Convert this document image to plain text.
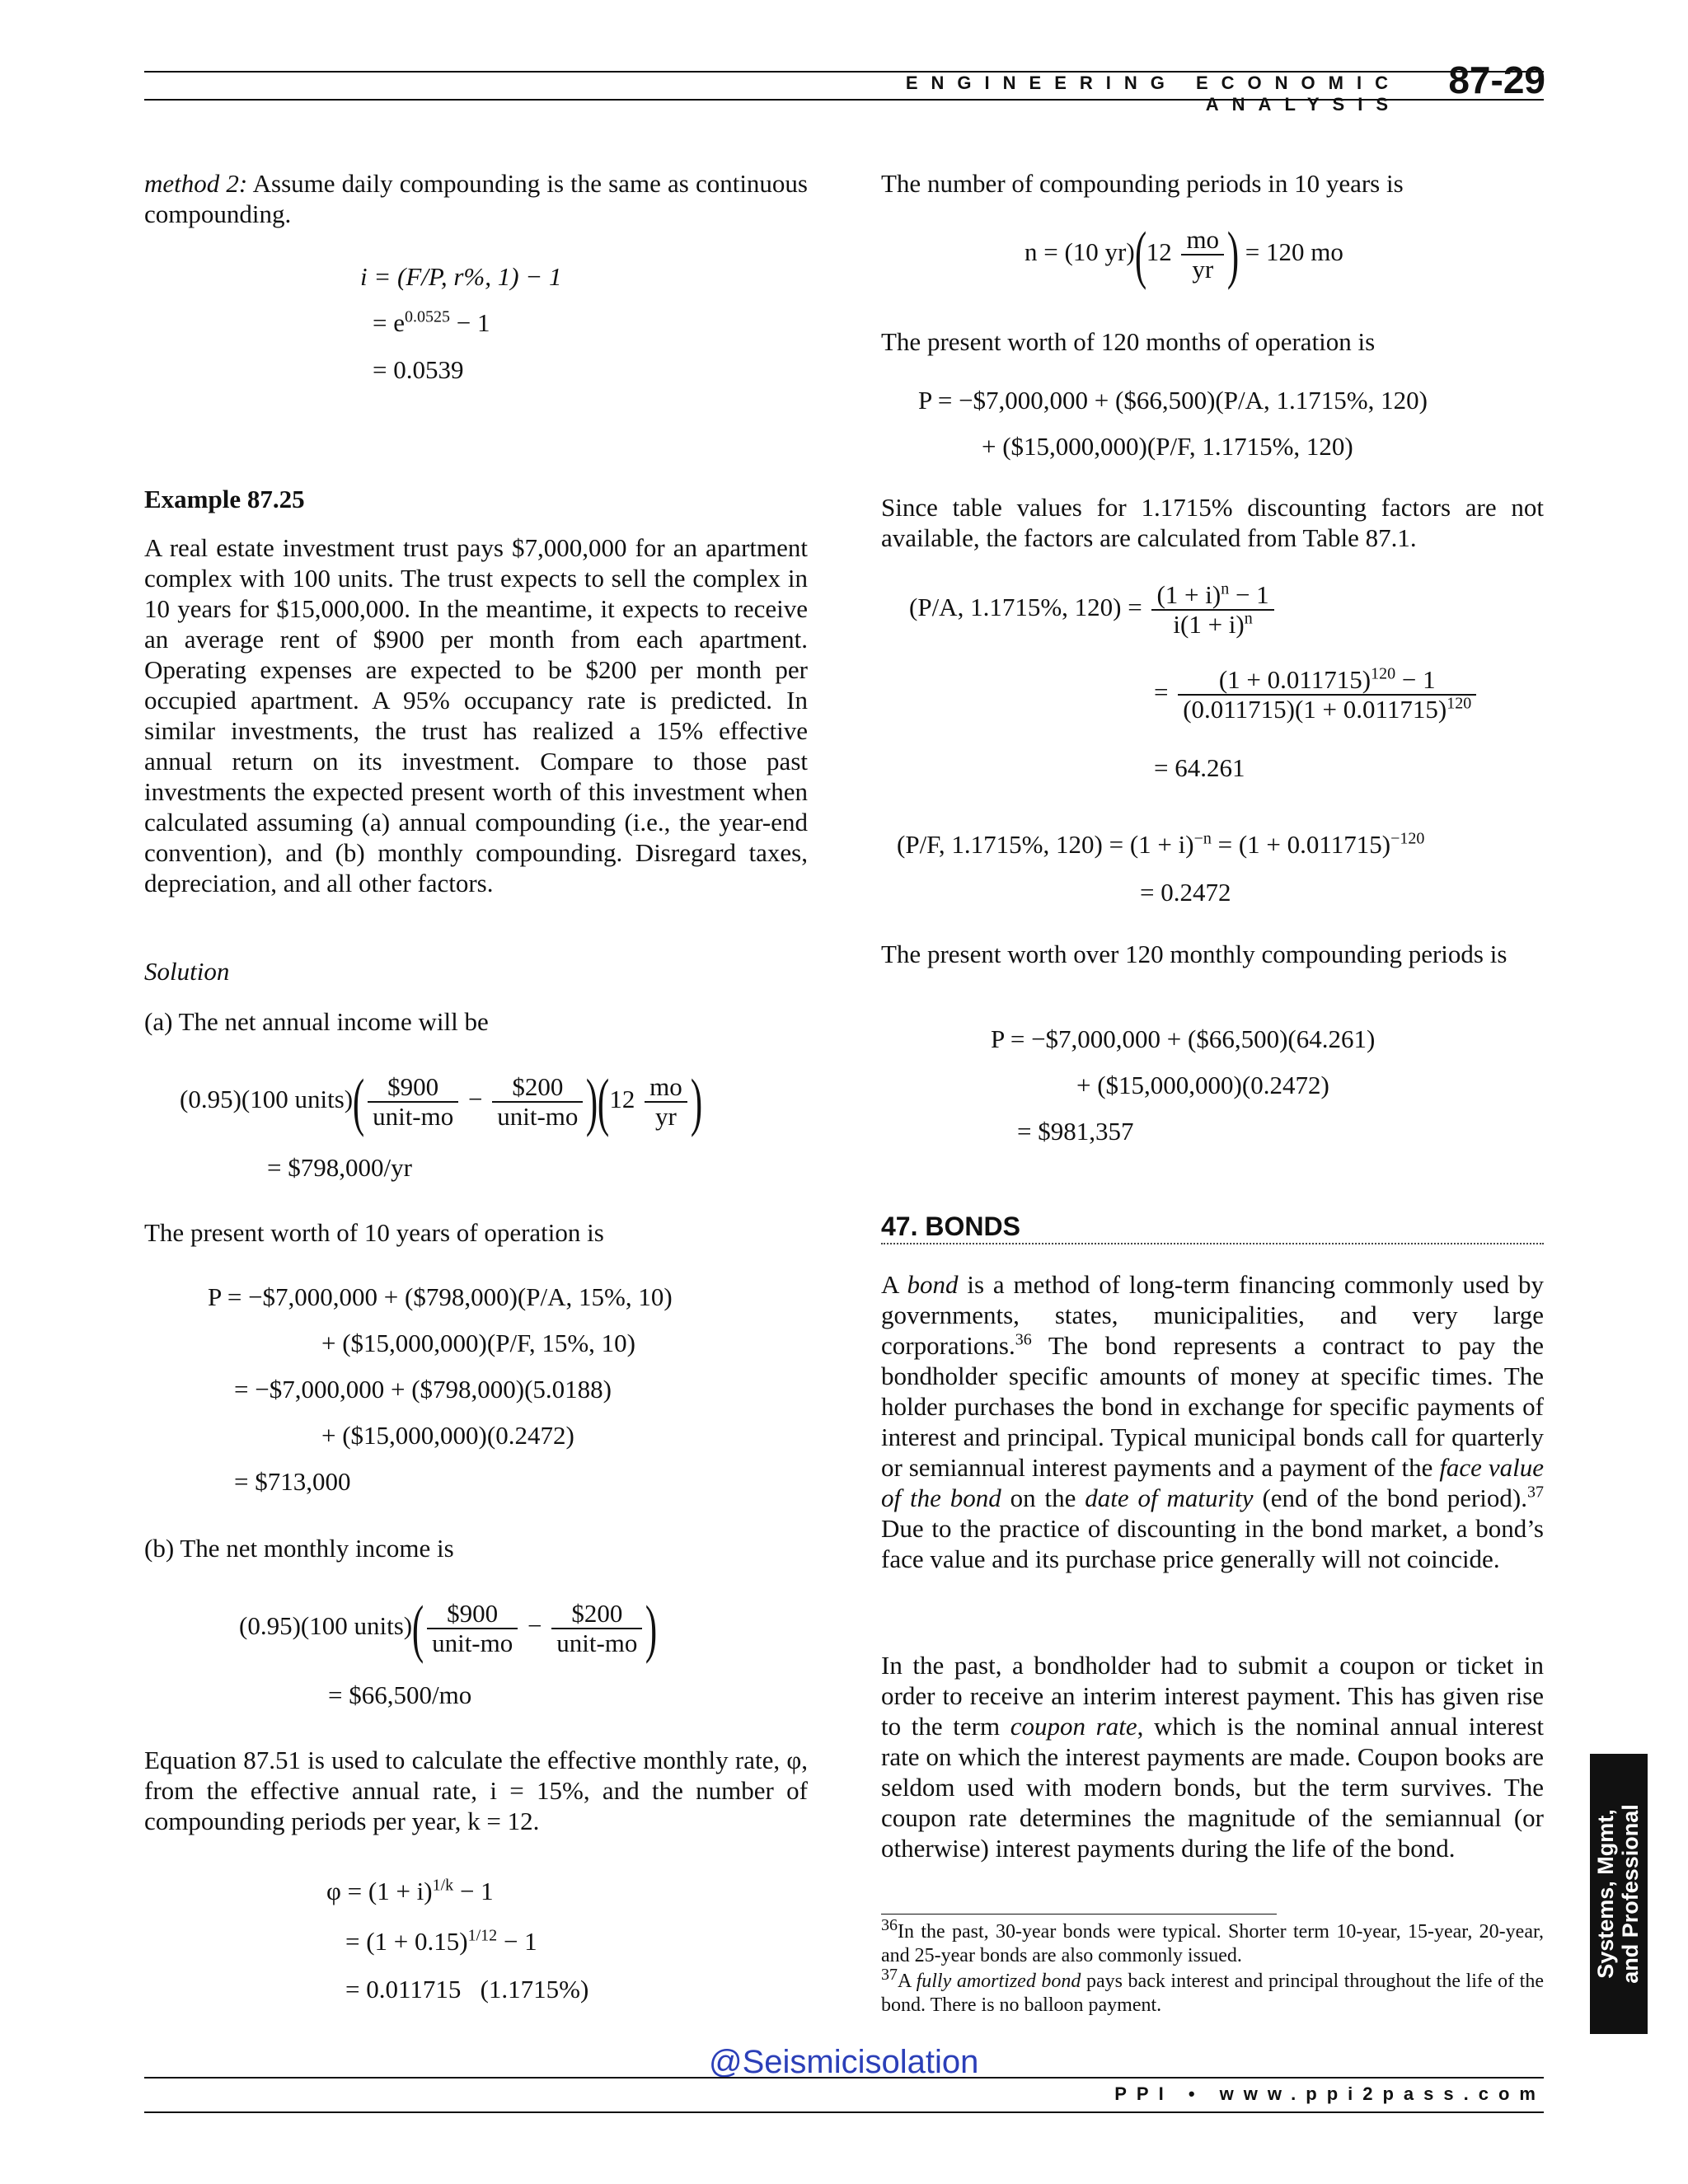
ENGINEERING ECONOMIC ANALYSIS
87-29
method 2: Assume daily compounding is the same as continuous compounding.
i = (F/P, r%, 1) − 1
= $e^{0.0525} - 1$
= 0.0539
Example 87.25
A real estate investment trust pays $7,000,000 for an apartment complex with 100 units. The trust expects to sell the complex in 10 years for $15,000,000. In the meantime, it expects to receive an average rent of $900 per month from each apartment. Operating expenses are expected to be $200 per month per occupied apartment. A 95% occupancy rate is predicted. In similar investments, the trust has realized a 15% effective annual return on its investment. Compare to those past investments the expected present worth of this investment when calculated assuming (a) annual compounding (i.e., the year-end convention), and (b) monthly compounding. Disregard taxes, depreciation, and all other factors.
Solution
(a) The net annual income will be
(0.95)(100 units)( $\frac{\$900}{\text{unit-mo}} - \frac{\$200}{\text{unit-mo}} )(12 \frac{mo}{yr}$ )
= $798,000/yr
The present worth of 10 years of operation is
P = −$7,000,000 + ($798,000)(P/A, 15%, 10)
+ ($15,000,000)(P/F, 15%, 10)
= −$7,000,000 + ($798,000)(5.0188)
+ ($15,000,000)(0.2472)
= $713,000
(b) The net monthly income is
(0.95)(100 units)( $\frac{\$900}{\text{unit-mo}} - \frac{\$200}{\text{unit-mo}}$ )
= $66,500/mo
Equation 87.51 is used to calculate the effective monthly rate, φ, from the effective annual rate, i = 15%, and the number of compounding periods per year, k = 12.
$\varphi = (1 + i)^{1/k} - 1$
= $(1 + 0.15)^{1/12} - 1$
= 0.011715   (1.1715%)
The number of compounding periods in 10 years is
n = (10 $yr)(12 \frac{mo}{yr}$ ) = 120 mo
The present worth of 120 months of operation is
P = −$7,000,000 + ($66,500)(P/A, 1.1715%, 120)
+ ($15,000,000)(P/F, 1.1715%, 120)
Since table values for 1.1715% discounting factors are not available, the factors are calculated from Table 87.1.
(P/A, 1.1715%, $120) = \frac{(1 + i)^n - 1}{i(1 + i)^n}$
= $\frac{(1 + 0.011715)^{120} - 1}{(0.011715)(1 + 0.011715)^{120}}$
= 64.261
(P/F, 1.1715%, $120) = (1 + i)^{-n} = (1 + 0.011715)^{-120}$
= 0.2472
The present worth over 120 monthly compounding periods is
P = −$7,000,000 + ($66,500)(64.261)
+ ($15,000,000)(0.2472)
= $981,357
47. BONDS
A bond is a method of long-term financing commonly used by governments, states, municipalities, and very large corporations.$^{36}$ The bond represents a contract to pay the bondholder specific amounts of money at specific times. The holder purchases the bond in exchange for specific payments of interest and principal. Typical municipal bonds call for quarterly or semiannual interest payments and a payment of the face value of the bond on the date of maturity (end of the bond period).$^{37}$ Due to the practice of discounting in the bond market, a bond’s face value and its purchase price generally will not coincide.
In the past, a bondholder had to submit a coupon or ticket in order to receive an interim interest payment. This has given rise to the term coupon rate, which is the nominal annual interest rate on which the interest payments are made. Coupon books are seldom used with modern bonds, but the term survives. The coupon rate determines the magnitude of the semiannual (or otherwise) interest payments during the life of the bond.
$^{36}$In the past, 30-year bonds were typical. Shorter term 10-year, 15-year, 20-year, and 25-year bonds are also commonly issued.
$^{37}$A fully amortized bond pays back interest and principal throughout the life of the bond. There is no balloon payment.
Systems, Mgmt, and Professional
@Seismicisolation
PPI • www.ppi2pass.com
